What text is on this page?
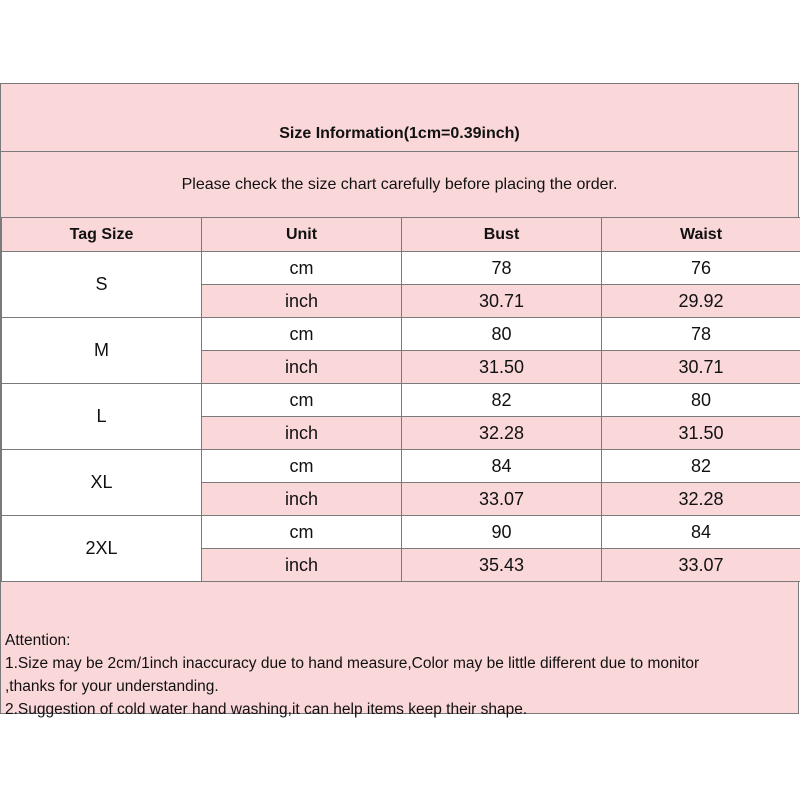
Size Information(1cm=0.39inch)
Please check the size chart carefully before placing the order.
Tag Size	Unit	Bust	Waist
S	cm	78	76
	inch	30.71	29.92
M	cm	80	78
	inch	31.50	30.71
L	cm	82	80
	inch	32.28	31.50
XL	cm	84	82
	inch	33.07	32.28
2XL	cm	90	84
	inch	35.43	33.07
Attention:
1.Size may be 2cm/1inch inaccuracy due to hand measure,Color may be little different due to monitor
,thanks for your understanding.
2.Suggestion of cold water hand washing,it can help items keep their shape.
